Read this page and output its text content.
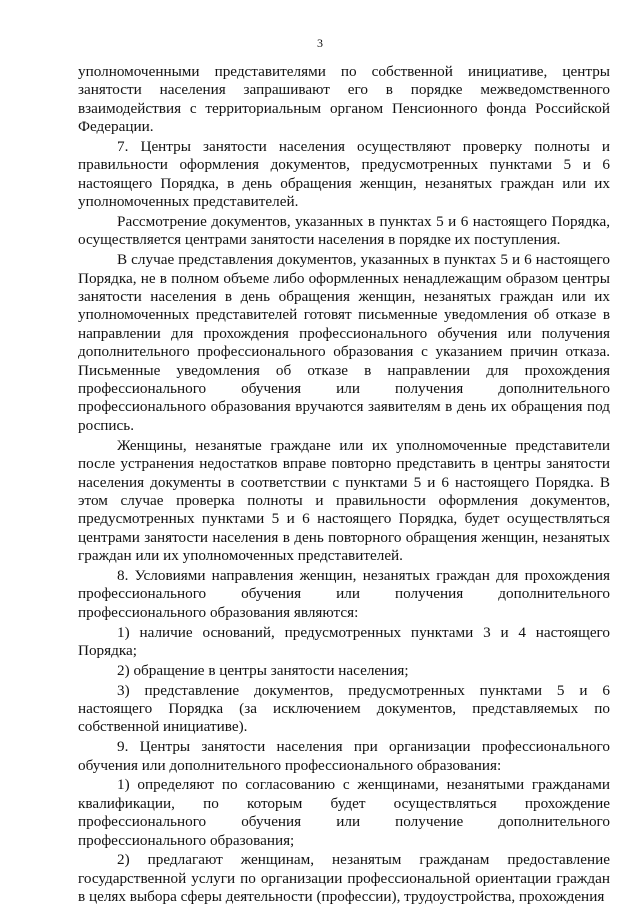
3

уполномоченными представителями по собственной инициативе, центры занятости населения запрашивают его в порядке межведомственного взаимодействия с территориальным органом Пенсионного фонда Российской Федерации.

7. Центры занятости населения осуществляют проверку полноты и правильности оформления документов, предусмотренных пунктами 5 и 6 настоящего Порядка, в день обращения женщин, незанятых граждан или их уполномоченных представителей.

Рассмотрение документов, указанных в пунктах 5 и 6 настоящего Порядка, осуществляется центрами занятости населения в порядке их поступления.

В случае представления документов, указанных в пунктах 5 и 6 настоящего Порядка, не в полном объеме либо оформленных ненадлежащим образом центры занятости населения в день обращения женщин, незанятых граждан или их уполномоченных представителей готовят письменные уведомления об отказе в направлении для прохождения профессионального обучения или получения дополнительного профессионального образования с указанием причин отказа. Письменные уведомления об отказе в направлении для прохождения профессионального обучения или получения дополнительного профессионального образования вручаются заявителям в день их обращения под роспись.

Женщины, незанятые граждане или их уполномоченные представители после устранения недостатков вправе повторно представить в центры занятости населения документы в соответствии с пунктами 5 и 6 настоящего Порядка. В этом случае проверка полноты и правильности оформления документов, предусмотренных пунктами 5 и 6 настоящего Порядка, будет осуществляться центрами занятости населения в день повторного обращения женщин, незанятых граждан или их уполномоченных представителей.

8. Условиями направления женщин, незанятых граждан для прохождения профессионального обучения или получения дополнительного профессионального образования являются:

1) наличие оснований, предусмотренных пунктами 3 и 4 настоящего Порядка;

2) обращение в центры занятости населения;

3) представление документов, предусмотренных пунктами 5 и 6 настоящего Порядка (за исключением документов, представляемых по собственной инициативе).

9. Центры занятости населения при организации профессионального обучения или дополнительного профессионального образования:

1) определяют по согласованию с женщинами, незанятыми гражданами квалификации, по которым будет осуществляться прохождение профессионального обучения или получение дополнительного профессионального образования;

2) предлагают женщинам, незанятым гражданам предоставление государственной услуги по организации профессиональной ориентации граждан в целях выбора сферы деятельности (профессии), трудоустройства, прохождения
